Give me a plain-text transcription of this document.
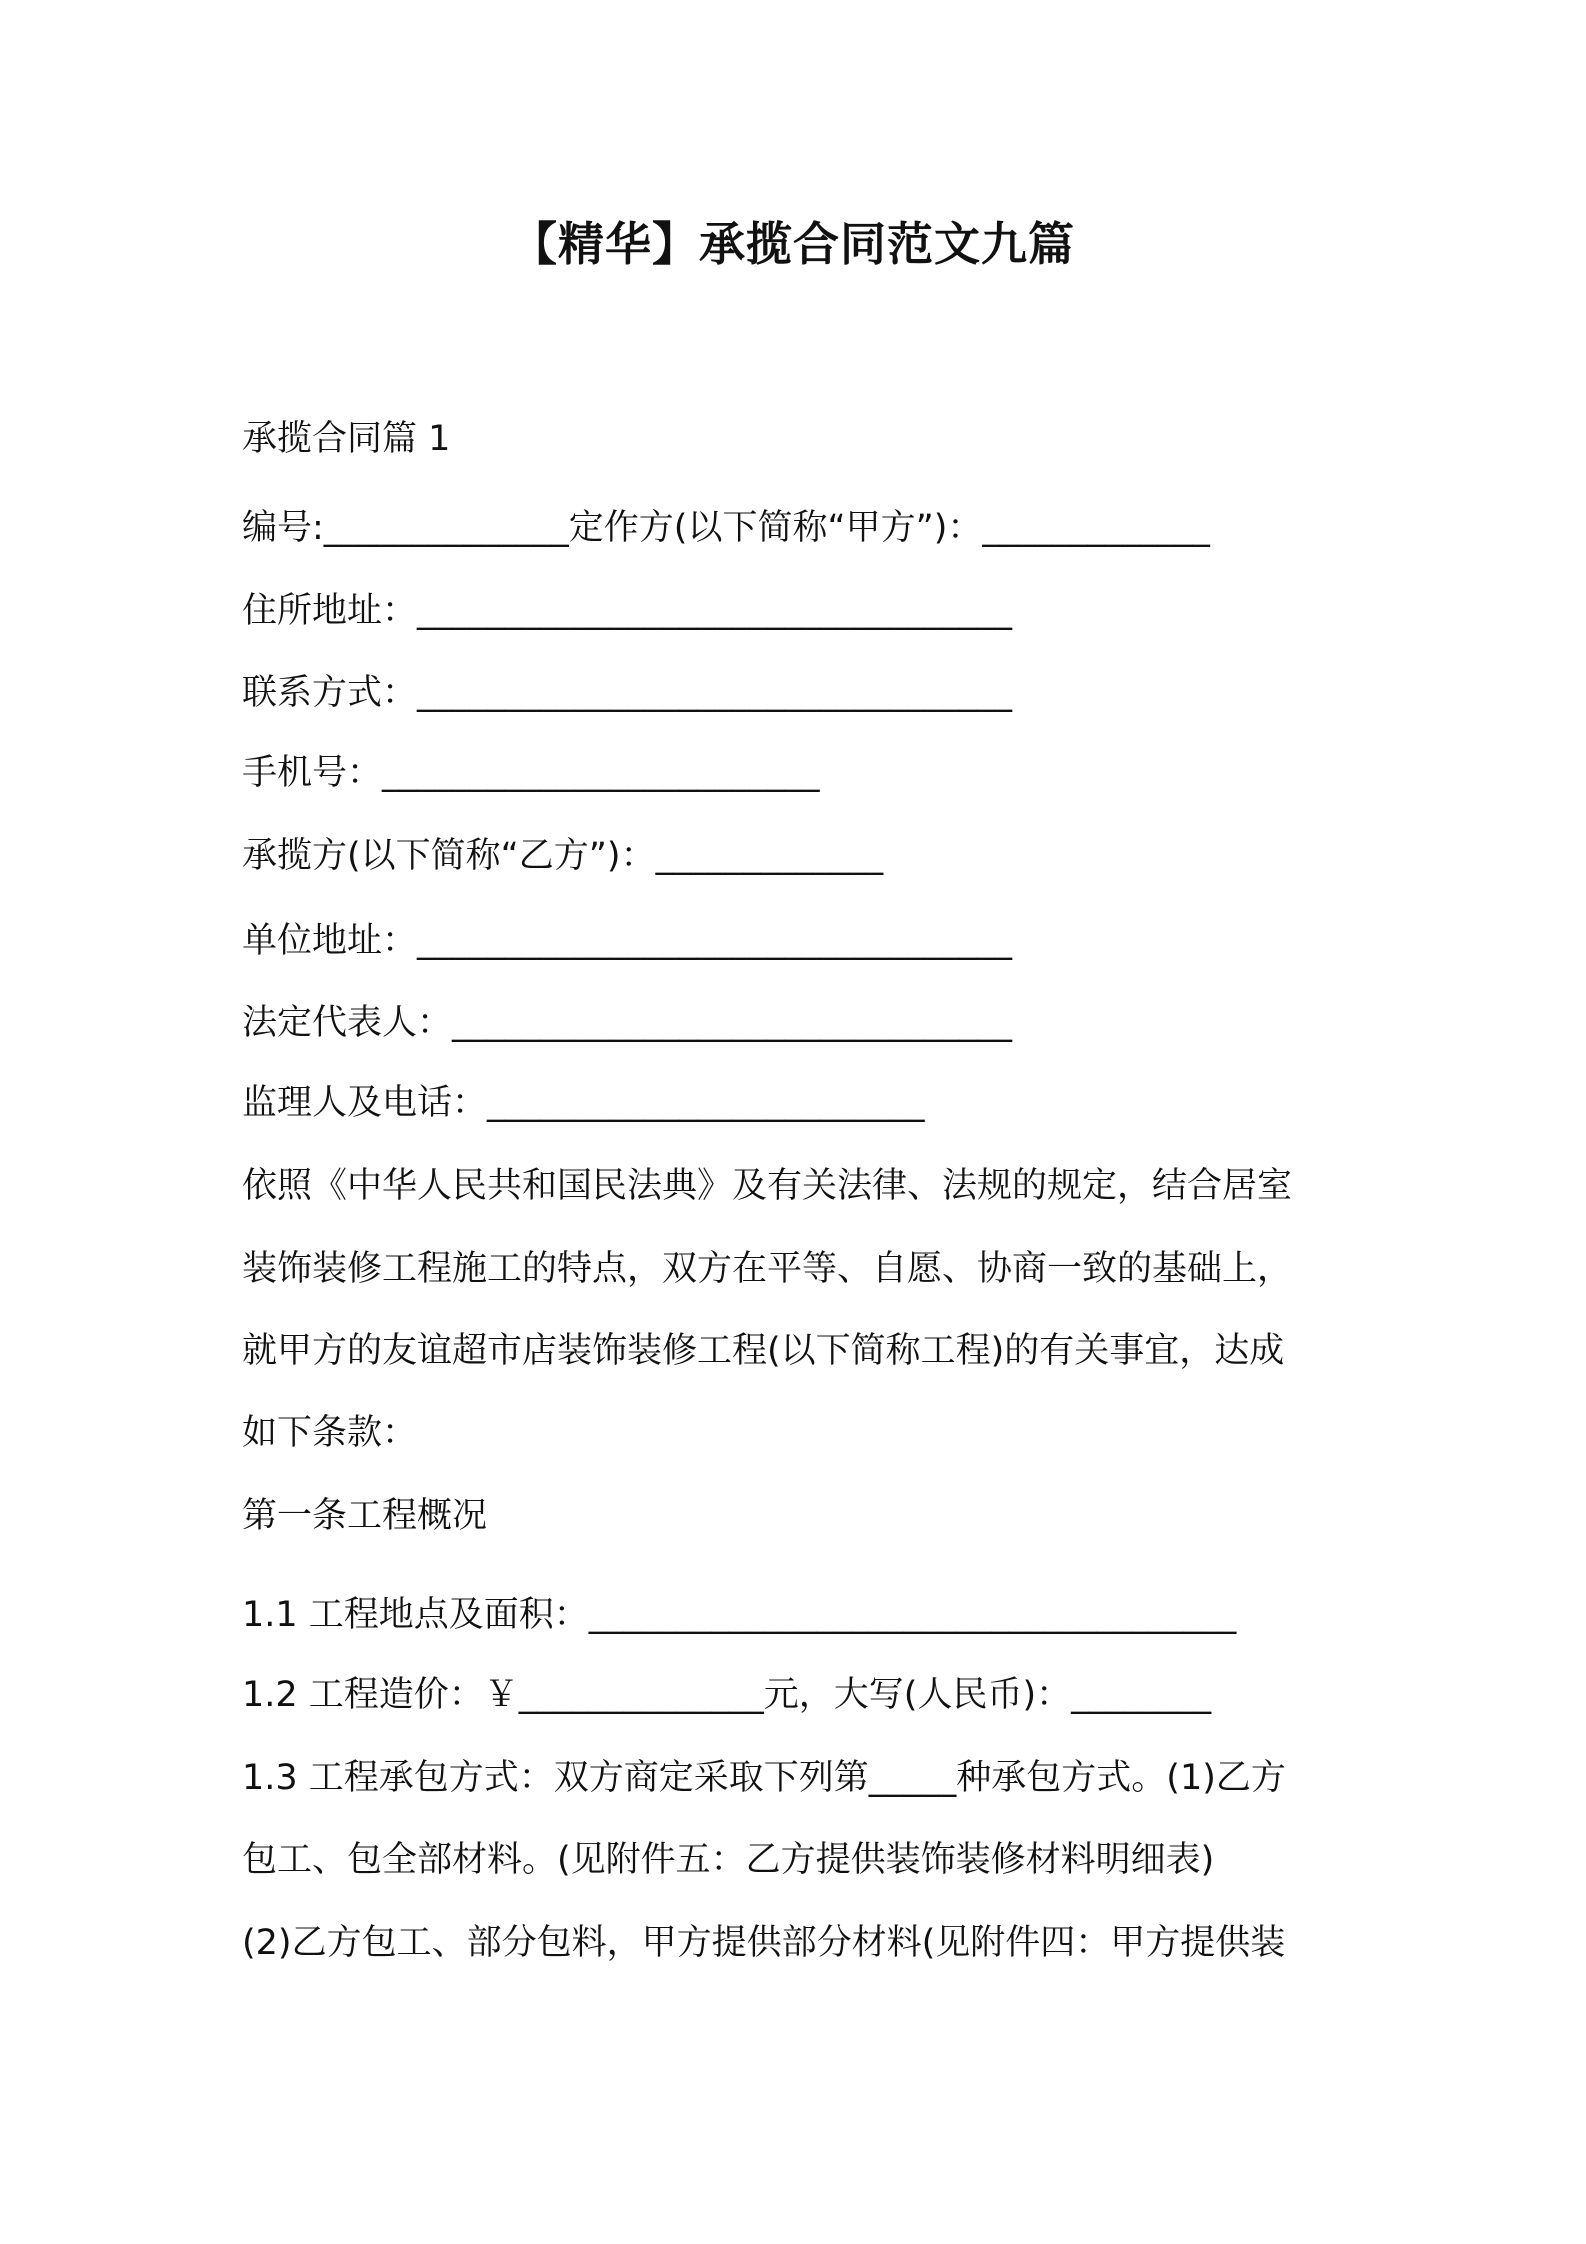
【精华】承揽合同范文九篇

承揽合同篇 1

编号:______________定作方(以下简称“甲方”)：_____________

住所地址：__________________________________

联系方式：__________________________________

手机号：_________________________

承揽方(以下简称“乙方”)：_____________

单位地址：__________________________________

法定代表人：________________________________

监理人及电话：_________________________

依照《中华人民共和国民法典》及有关法律、法规的规定，结合居室

装饰装修工程施工的特点，双方在平等、自愿、协商一致的基础上，

就甲方的友谊超市店装饰装修工程(以下简称工程)的有关事宜，达成

如下条款：

第一条工程概况

1.1 工程地点及面积：_____________________________________

1.2 工程造价：￥______________元，大写(人民币)：________

1.3 工程承包方式：双方商定采取下列第_____种承包方式。(1)乙方

包工、包全部材料。(见附件五：乙方提供装饰装修材料明细表)

(2)乙方包工、部分包料，甲方提供部分材料(见附件四：甲方提供装
